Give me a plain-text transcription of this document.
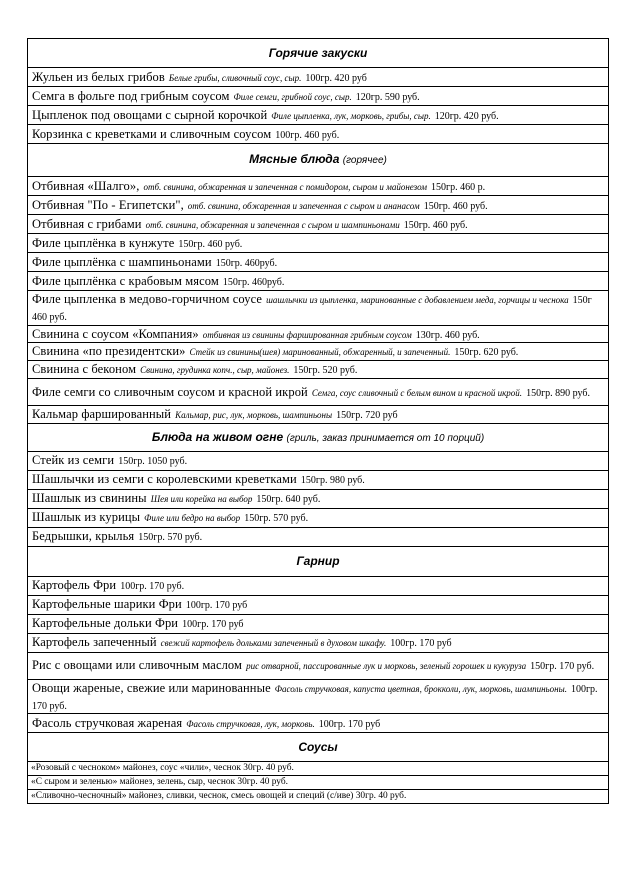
Горячие закуски
Жульен из белых грибов Белые грибы, сливочный соус, сыр. 100гр. 420 руб
Семга в фольге под грибным соусом Филе семги, грибной соус, сыр. 120гр. 590 руб.
Цыпленок под овощами с сырной корочкой Филе цыпленка, лук, морковь, грибы, сыр. 120гр. 420 руб.
Корзинка с креветками и сливочным соусом 100гр. 460 руб.
Мясные блюда (горячее)
Отбивная «Шалго», отб. свинина, обжаренная и запеченная с помидором, сыром и майонезом 150гр. 460 р.
Отбивная "По - Египетски", отб. свинина, обжаренная и запеченная с сыром и ананасом 150гр. 460 руб.
Отбивная с грибами отб. свинина, обжаренная и запеченная с сыром и шампиньонами 150гр. 460 руб.
Филе цыплёнка в кунжуте 150гр. 460 руб.
Филе цыплёнка с шампиньонами 150гр. 460руб.
Филе цыплёнка с крабовым мясом 150гр. 460руб.
Филе цыпленка в медово-горчичном соусе шашлычки из цыпленка, маринованные с добавлением меда, горчицы и чеснока 150г 460 руб.
Свинина с соусом «Компания» отбивная из свинины фаршированная грибным соусом 130гр. 460 руб.
Свинина «по президентски» Стейк из свинины(шея) маринованный, обжаренный, и запеченный. 150гр. 620 руб.
Свинина с беконом Свинина, грудинка копч., сыр, майонез. 150гр. 520 руб.
Филе семги со сливочным соусом и красной икрой Семга, соус сливочный с белым вином и красной икрой. 150гр. 890 руб.
Кальмар фаршированный Кальмар, рис, лук, морковь, шампиньоны 150гр. 720 руб
Блюда на живом огне (гриль, заказ принимается от 10 порций)
Стейк из семги 150гр. 1050 руб.
Шашлычки из семги с королевскими креветками 150гр. 980 руб.
Шашлык из свинины Шея или корейка на выбор 150гр. 640 руб.
Шашлык из курицы Филе или бедро на выбор 150гр. 570 руб.
Бедрышки, крылья 150гр. 570 руб.
Гарнир
Картофель Фри 100гр. 170 руб.
Картофельные шарики Фри 100гр. 170 руб
Картофельные дольки Фри 100гр. 170 руб
Картофель запеченный свежий картофель дольками запеченный в духовом шкафу. 100гр. 170 руб
Рис с овощами или сливочным маслом рис отварной, пассированные лук и морковь, зеленый горошек и кукуруза 150гр. 170 руб.
Овощи жареные, свежие или маринованные Фасоль стручковая, капуста цветная, брокколи, лук, морковь, шампиньоны. 100гр. 170 руб.
Фасоль стручковая жареная Фасоль стручковая, лук, морковь. 100гр. 170 руб
Соусы
«Розовый с чесноком» майонез, соус «чили», чеснок 30гр. 40 руб.
«С сыром и зеленью» майонез, зелень, сыр, чеснок 30гр. 40 руб.
«Сливочно-чесночный» майонез, сливки, чеснок, смесь овощей и специй (с/иве) 30гр. 40 руб.
